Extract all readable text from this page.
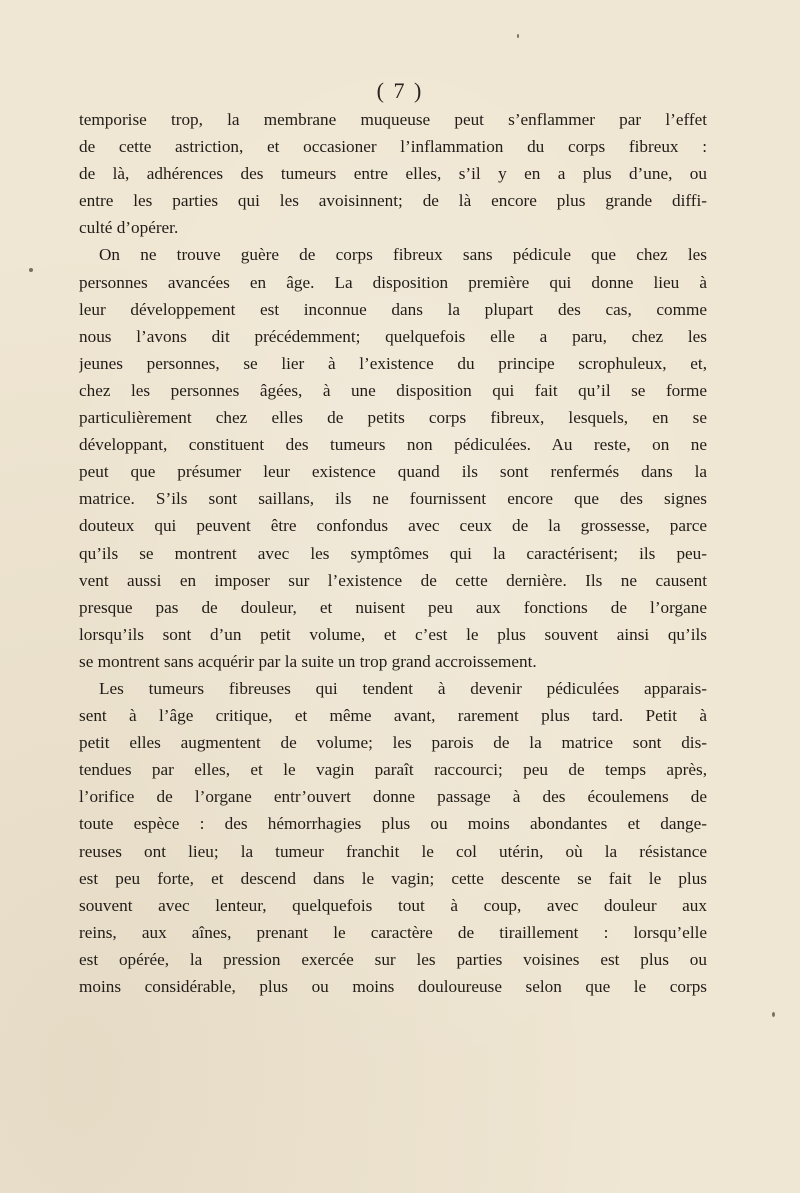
( 7 )
temporise trop, la membrane muqueuse peut s’enflammer par l’effet
de cette astriction, et occasioner l’inflammation du corps fibreux :
de là, adhérences des tumeurs entre elles, s’il y en a plus d’une, ou
entre les parties qui les avoisinnent; de là encore plus grande diffi-
culté d’opérer.
On ne trouve guère de corps fibreux sans pédicule que chez les
personnes avancées en âge. La disposition première qui donne lieu à
leur développement est inconnue dans la plupart des cas, comme
nous l’avons dit précédemment; quelquefois elle a paru, chez les
jeunes personnes, se lier à l’existence du principe scrophuleux, et,
chez les personnes âgées, à une disposition qui fait qu’il se forme
particulièrement chez elles de petits corps fibreux, lesquels, en se
développant, constituent des tumeurs non pédiculées. Au reste, on ne
peut que présumer leur existence quand ils sont renfermés dans la
matrice. S’ils sont saillans, ils ne fournissent encore que des signes
douteux qui peuvent être confondus avec ceux de la grossesse, parce
qu’ils se montrent avec les symptômes qui la caractérisent; ils peu-
vent aussi en imposer sur l’existence de cette dernière. Ils ne causent
presque pas de douleur, et nuisent peu aux fonctions de l’organe
lorsqu’ils sont d’un petit volume, et c’est le plus souvent ainsi qu’ils
se montrent sans acquérir par la suite un trop grand accroissement.
Les tumeurs fibreuses qui tendent à devenir pédiculées apparais-
sent à l’âge critique, et même avant, rarement plus tard. Petit à
petit elles augmentent de volume; les parois de la matrice sont dis-
tendues par elles, et le vagin paraît raccourci; peu de temps après,
l’orifice de l’organe entr’ouvert donne passage à des écoulemens de
toute espèce : des hémorrhagies plus ou moins abondantes et dange-
reuses ont lieu; la tumeur franchit le col utérin, où la résistance
est peu forte, et descend dans le vagin; cette descente se fait le plus
souvent avec lenteur, quelquefois tout à coup, avec douleur aux
reins, aux aînes, prenant le caractère de tiraillement : lorsqu’elle
est opérée, la pression exercée sur les parties voisines est plus ou
moins considérable, plus ou moins douloureuse selon que le corps
